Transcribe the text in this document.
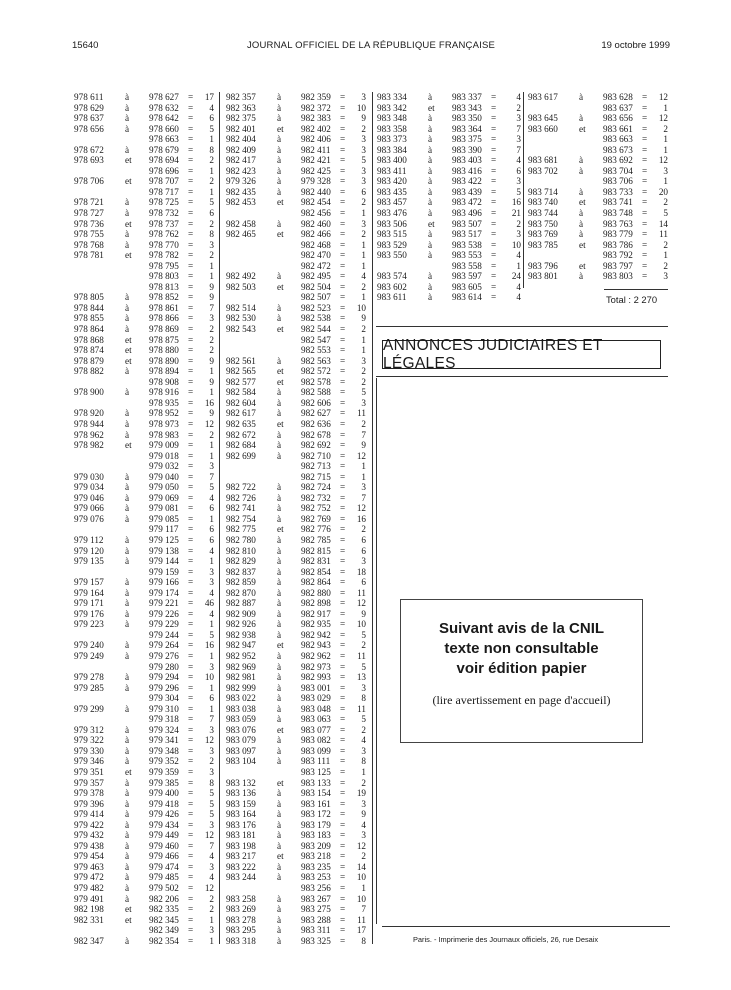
15640	JOURNAL OFFICIEL DE LA RÉPUBLIQUE FRANÇAISE	19 octobre 1999
978 611 à 978 627 = 17
978 629 à 978 632 = 4
978 637 à 978 642 = 6
978 656 à 978 660 = 5
978 663 = 1
978 672 à 978 679 = 8
978 693 et 978 694 = 2
978 696 = 1
978 706 et 978 707 = 2
978 717 = 1
978 721 à 978 725 = 5
978 727 à 978 732 = 6
978 736 et 978 737 = 2
978 755 à 978 762 = 8
978 768 à 978 770 = 3
978 781 et 978 782 = 2
978 795 = 1
978 803 = 1
978 813 = 9
978 805 à 978 852 = 9
978 844 à 978 861 = 7
978 855 à 978 866 = 3
978 864 à 978 869 = 2
978 868 et 978 875 = 2
978 874 et 978 880 = 2
978 879 et 978 890 = 9
978 882 à 978 894 = 1
978 908 = 9
978 900 à 978 916 = 1
978 935 = 16
978 920 à 978 952 = 9
978 944 à 978 973 = 12
978 962 à 978 983 = 2
978 982 et 979 009 = 1
979 018 = 1
979 032 = 3
979 030 à 979 040 = 7
979 034 à 979 050 = 5
979 046 à 979 069 = 4
979 066 à 979 081 = 6
979 076 à 979 085 = 1
979 117 = 6
979 112 à 979 125 = 6
979 120 à 979 138 = 4
979 135 à 979 144 = 1
979 159 = 3
979 157 à 979 166 = 3
979 164 à 979 174 = 4
979 171 à 979 221 = 46
979 176 à 979 226 = 4
979 223 à 979 229 = 1
979 244 = 5
979 240 à 979 264 = 16
979 249 à 979 276 = 1
979 280 = 3
979 278 à 979 294 = 10
979 285 à 979 296 = 1
979 304 = 6
979 299 à 979 310 = 1
979 318 = 7
979 312 à 979 324 = 3
979 322 à 979 341 = 12
979 330 à 979 348 = 3
979 346 à 979 352 = 2
979 351 et 979 359 = 3
979 357 à 979 385 = 8
979 378 à 979 400 = 5
979 396 à 979 418 = 5
979 414 à 979 426 = 5
979 422 à 979 434 = 3
979 432 à 979 449 = 12
979 438 à 979 460 = 7
979 454 à 979 466 = 4
979 463 à 979 474 = 3
979 472 à 979 485 = 4
979 482 à 979 502 = 12
979 491 à 982 206 = 2
982 198 et 982 335 = 2
982 331 et 982 345 = 1
982 349 = 3
982 347 à 982 354 = 1
982 357 à 982 359 = 3
982 363 à 982 372 = 10
982 375 à 982 383 = 9
982 401 et 982 402 = 2
982 404 à 982 406 = 3
982 409 à 982 411 = 3
982 417 à 982 421 = 5
982 423 à 982 425 = 3
979 326 à 979 328 = 3
982 435 à 982 440 = 6
982 453 et 982 454 = 2
982 456 = 1
982 458 à 982 460 = 3
982 465 et 982 466 = 2
982 468 = 1
982 470 = 1
982 472 = 1
982 492 à 982 495 = 4
982 503 et 982 504 = 2
982 507 = 1
982 514 à 982 523 = 10
982 530 à 982 538 = 9
982 543 et 982 544 = 2
982 547 = 1
982 553 = 1
982 561 à 982 563 = 3
982 565 et 982 572 = 2
982 577 et 982 578 = 2
982 584 à 982 588 = 5
982 604 à 982 606 = 3
982 617 à 982 627 = 11
982 635 et 982 636 = 2
982 672 à 982 678 = 7
982 684 à 982 692 = 9
982 699 à 982 710 = 12
982 713 = 1
982 715 = 1
982 722 à 982 724 = 3
982 726 à 982 732 = 7
982 741 à 982 752 = 12
982 754 à 982 769 = 16
982 775 et 982 776 = 2
982 780 à 982 785 = 6
982 810 à 982 815 = 6
982 829 à 982 831 = 3
982 837 à 982 854 = 18
982 859 à 982 864 = 6
982 870 à 982 880 = 11
982 887 à 982 898 = 12
982 909 à 982 917 = 9
982 926 à 982 935 = 10
982 938 à 982 942 = 5
982 947 et 982 943 = 2
982 952 à 982 962 = 11
982 969 à 982 973 = 5
982 981 à 982 993 = 13
982 999 à 983 001 = 3
983 022 à 983 029 = 8
983 038 à 983 048 = 11
983 059 à 983 063 = 5
983 076 et 983 077 = 2
983 079 à 983 082 = 4
983 097 à 983 099 = 3
983 104 à 983 111 = 8
983 125 = 1
983 132 et 983 133 = 2
983 136 à 983 154 = 19
983 159 à 983 161 = 3
983 164 à 983 172 = 9
983 176 à 983 179 = 4
983 181 à 983 183 = 3
983 198 à 983 209 = 12
983 217 et 983 218 = 2
983 222 à 983 235 = 14
983 244 à 983 253 = 10
983 256 = 1
983 258 à 983 267 = 10
983 269 à 983 275 = 7
983 278 à 983 288 = 11
983 295 à 983 311 = 17
983 318 à 983 325 = 8
983 334 à 983 337 = 4
983 342 et 983 343 = 2
983 348 à 983 350 = 3
983 358 à 983 364 = 7
983 373 à 983 375 = 3
983 384 à 983 390 = 7
983 400 à 983 403 = 4
983 411 à 983 416 = 6
983 420 à 983 422 = 3
983 435 à 983 439 = 5
983 457 à 983 472 = 16
983 476 à 983 496 = 21
983 506 et 983 507 = 2
983 515 à 983 517 = 3
983 529 à 983 538 = 10
983 550 à 983 553 = 4
983 558 = 1
983 574 à 983 597 = 24
983 602 à 983 605 = 4
983 611 à 983 614 = 4
983 617 à 983 628 = 12
983 637 = 1
983 645 à 983 656 = 12
983 660 et 983 661 = 2
983 663 = 1
983 673 = 1
983 681 à 983 692 = 12
983 702 à 983 704 = 3
983 706 = 1
983 714 à 983 733 = 20
983 740 et 983 741 = 2
983 744 à 983 748 = 5
983 750 à 983 763 = 14
983 769 à 983 779 = 11
983 785 et 983 786 = 2
983 792 = 1
983 796 et 983 797 = 2
983 801 à 983 803 = 3
Total : 2 270
ANNONCES JUDICIAIRES ET LÉGALES
Suivant avis de la CNIL
texte non consultable
voir édition papier
(lire avertissement en page d'accueil)
Paris. - Imprimerie des Journaux officiels, 26, rue Desaix
